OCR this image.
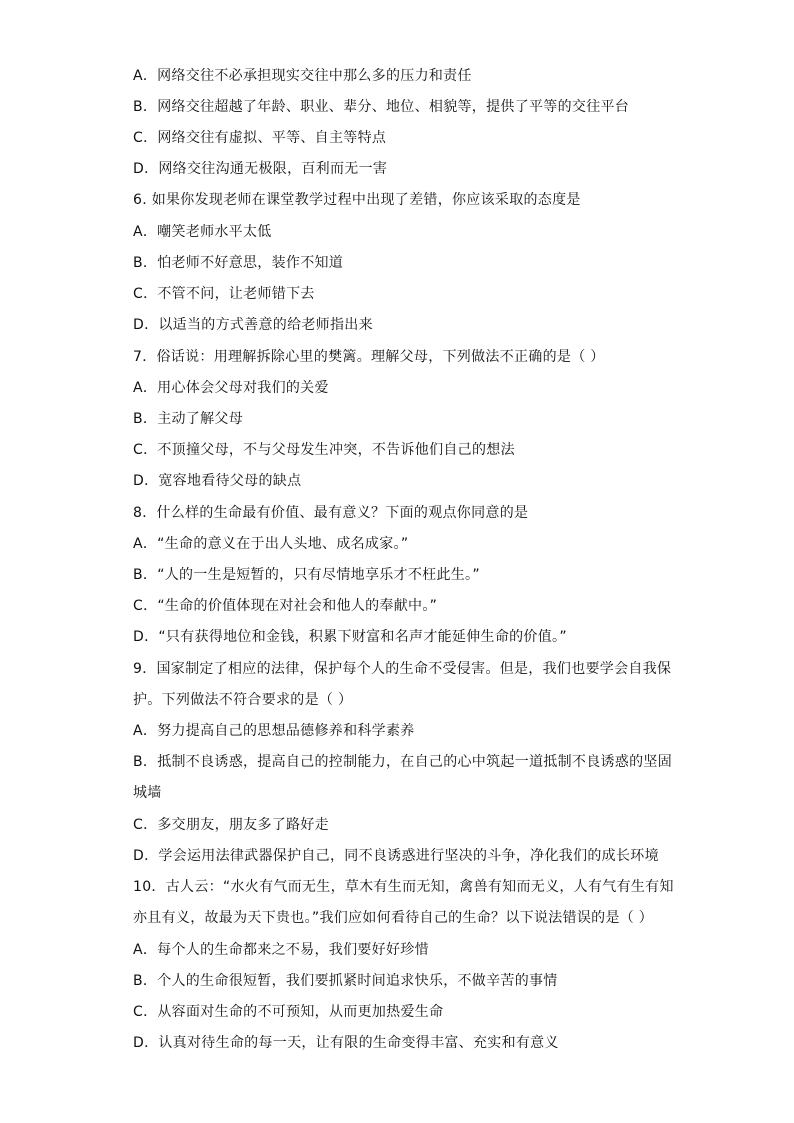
A．网络交往不必承担现实交往中那么多的压力和责任
B．网络交往超越了年龄、职业、辈分、地位、相貌等，提供了平等的交往平台
C．网络交往有虚拟、平等、自主等特点
D．网络交往沟通无极限，百利而无一害
6. 如果你发现老师在课堂教学过程中出现了差错，你应该采取的态度是
A．嘲笑老师水平太低
B．怕老师不好意思，装作不知道
C．不管不问，让老师错下去
D．以适当的方式善意的给老师指出来
7．俗话说：用理解拆除心里的樊篱。理解父母，下列做法不正确的是（ ）
A．用心体会父母对我们的关爱
B．主动了解父母
C．不顶撞父母，不与父母发生冲突，不告诉他们自己的想法
D．宽容地看待父母的缺点
8．什么样的生命最有价值、最有意义？下面的观点你同意的是
A．“生命的意义在于出人头地、成名成家。”
B．“人的一生是短暂的，只有尽情地享乐才不枉此生。”
C．“生命的价值体现在对社会和他人的奉献中。”
D．“只有获得地位和金钱，积累下财富和名声才能延伸生命的价值。”
9．国家制定了相应的法律，保护每个人的生命不受侵害。但是，我们也要学会自我保
护。下列做法不符合要求的是（ ）
A．努力提高自己的思想品德修养和科学素养
B．抵制不良诱惑，提高自己的控制能力，在自己的心中筑起一道抵制不良诱惑的坚固
城墙
C．多交朋友，朋友多了路好走
D．学会运用法律武器保护自己，同不良诱惑进行坚决的斗争，净化我们的成长环境
10．古人云：“水火有气而无生，草木有生而无知，禽兽有知而无义，人有气有生有知
亦且有义，故最为天下贵也。”我们应如何看待自己的生命？以下说法错误的是（ ）
A．每个人的生命都来之不易，我们要好好珍惜
B．个人的生命很短暂，我们要抓紧时间追求快乐，不做辛苦的事情
C．从容面对生命的不可预知，从而更加热爱生命
D．认真对待生命的每一天，让有限的生命变得丰富、充实和有意义
